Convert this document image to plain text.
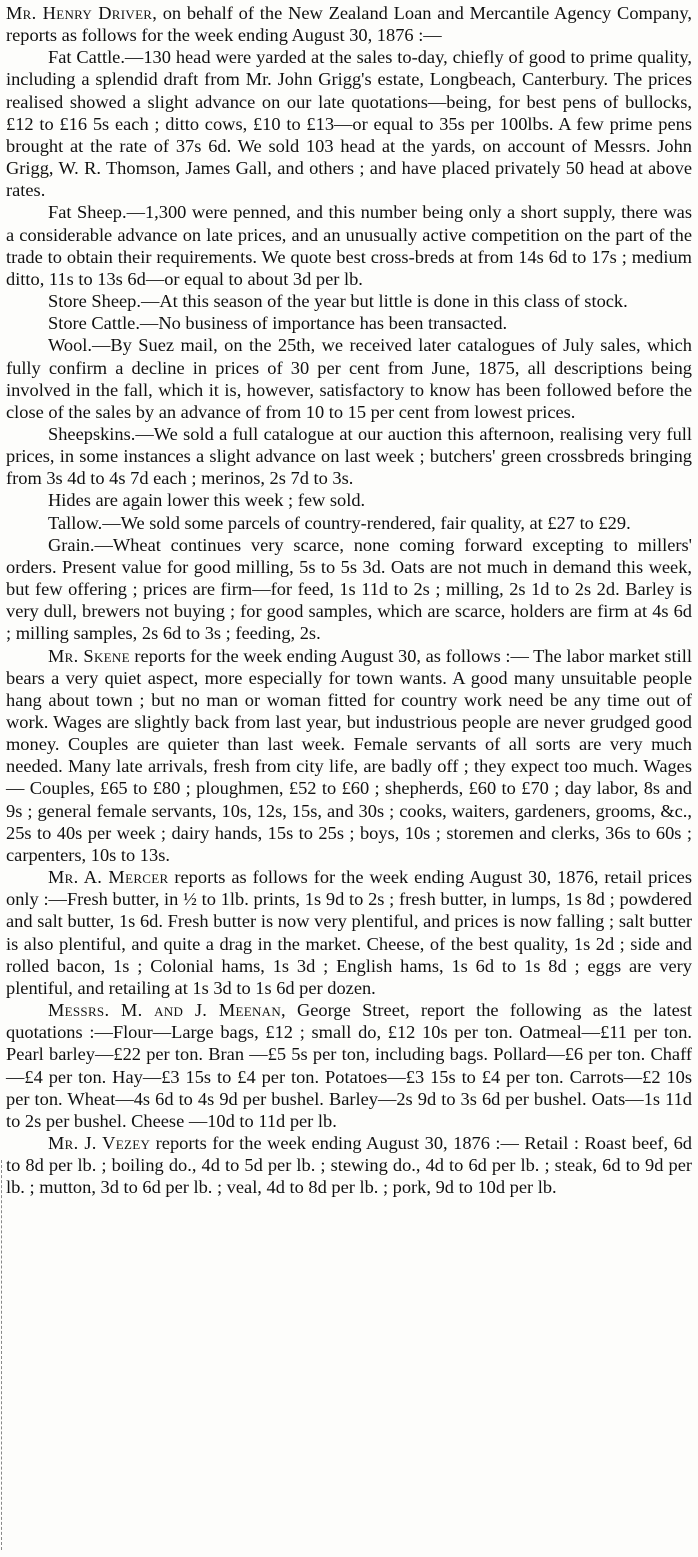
Mr. Henry Driver, on behalf of the New Zealand Loan and Mercantile Agency Company, reports as follows for the week ending August 30, 1876 :—

Fat Cattle.—130 head were yarded at the sales to-day, chiefly of good to prime quality, including a splendid draft from Mr. John Grigg's estate, Longbeach, Canterbury. The prices realised showed a slight advance on our late quotations—being, for best pens of bullocks, £12 to £16 5s each ; ditto cows, £10 to £13—or equal to 35s per 100lbs. A few prime pens brought at the rate of 37s 6d. We sold 103 head at the yards, on account of Messrs. John Grigg, W. R. Thomson, James Gall, and others ; and have placed privately 50 head at above rates.

Fat Sheep.—1,300 were penned, and this number being only a short supply, there was a considerable advance on late prices, and an unusually active competition on the part of the trade to obtain their requirements. We quote best cross-breds at from 14s 6d to 17s ; medium ditto, 11s to 13s 6d—or equal to about 3d per lb.

Store Sheep.—At this season of the year but little is done in this class of stock.

Store Cattle.—No business of importance has been transacted.

Wool.—By Suez mail, on the 25th, we received later catalogues of July sales, which fully confirm a decline in prices of 30 per cent from June, 1875, all descriptions being involved in the fall, which it is, however, satisfactory to know has been followed before the close of the sales by an advance of from 10 to 15 per cent from lowest prices.

Sheepskins.—We sold a full catalogue at our auction this afternoon, realising very full prices, in some instances a slight advance on last week ; butchers' green crossbreds bringing from 3s 4d to 4s 7d each ; merinos, 2s 7d to 3s.

Hides are again lower this week ; few sold.

Tallow.—We sold some parcels of country-rendered, fair quality, at £27 to £29.

Grain.—Wheat continues very scarce, none coming forward excepting to millers' orders. Present value for good milling, 5s to 5s 3d. Oats are not much in demand this week, but few offering ; prices are firm—for feed, 1s 11d to 2s ; milling, 2s 1d to 2s 2d. Barley is very dull, brewers not buying ; for good samples, which are scarce, holders are firm at 4s 6d ; milling samples, 2s 6d to 3s ; feeding, 2s.

Mr. Skene reports for the week ending August 30, as follows :— The labor market still bears a very quiet aspect, more especially for town wants. A good many unsuitable people hang about town ; but no man or woman fitted for country work need be any time out of work. Wages are slightly back from last year, but industrious people are never grudged good money. Couples are quieter than last week. Female servants of all sorts are very much needed. Many late arrivals, fresh from city life, are badly off ; they expect too much. Wages— Couples, £65 to £80 ; ploughmen, £52 to £60 ; shepherds, £60 to £70 ; day labor, 8s and 9s ; general female servants, 10s, 12s, 15s, and 30s ; cooks, waiters, gardeners, grooms, &c., 25s to 40s per week ; dairy hands, 15s to 25s ; boys, 10s ; storemen and clerks, 36s to 60s ; carpenters, 10s to 13s.

Mr. A. Mercer reports as follows for the week ending August 30, 1876, retail prices only :—Fresh butter, in ½ to 1lb. prints, 1s 9d to 2s ; fresh butter, in lumps, 1s 8d ; powdered and salt butter, 1s 6d. Fresh butter is now very plentiful, and prices is now falling ; salt butter is also plentiful, and quite a drag in the market. Cheese, of the best quality, 1s 2d ; side and rolled bacon, 1s ; Colonial hams, 1s 3d ; English hams, 1s 6d to 1s 8d ; eggs are very plentiful, and retailing at 1s 3d to 1s 6d per dozen.

Messrs. M. and J. Meenan, George Street, report the following as the latest quotations :—Flour—Large bags, £12 ; small do, £12 10s per ton. Oatmeal—£11 per ton. Pearl barley—£22 per ton. Bran —£5 5s per ton, including bags. Pollard—£6 per ton. Chaff—£4 per ton. Hay—£3 15s to £4 per ton. Potatoes—£3 15s to £4 per ton. Carrots—£2 10s per ton. Wheat—4s 6d to 4s 9d per bushel. Barley—2s 9d to 3s 6d per bushel. Oats—1s 11d to 2s per bushel. Cheese —10d to 11d per lb.

Mr. J. Vezey reports for the week ending August 30, 1876 :— Retail : Roast beef, 6d to 8d per lb. ; boiling do., 4d to 5d per lb. ; stewing do., 4d to 6d per lb. ; steak, 6d to 9d per lb. ; mutton, 3d to 6d per lb. ; veal, 4d to 8d per lb. ; pork, 9d to 10d per lb.
